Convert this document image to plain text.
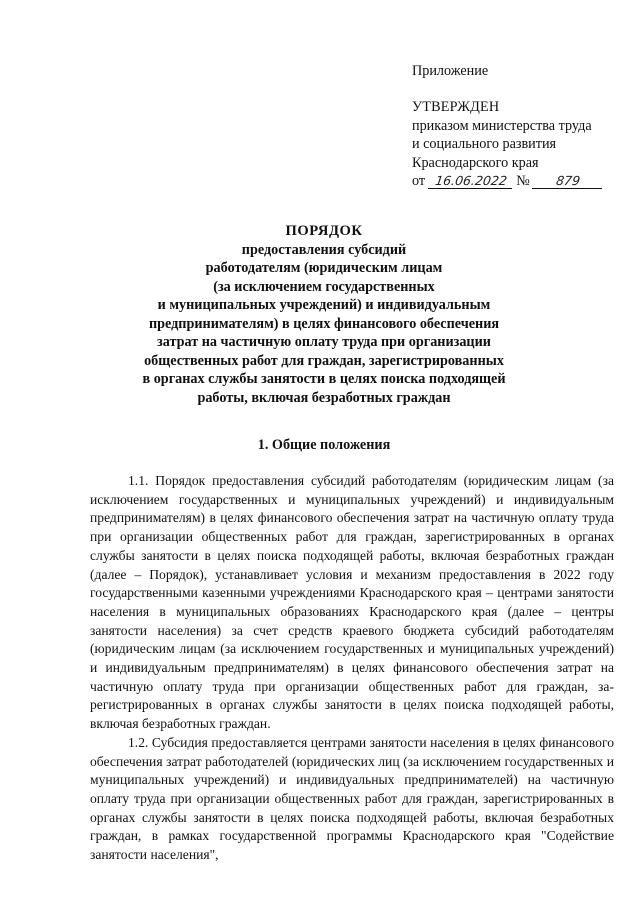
Приложение
УТВЕРЖДЕН
приказом министерства труда
и социального развития
Краснодарского края
от 16.06.2022 № 879
ПОРЯДОК
предоставления субсидий
работодателям (юридическим лицам
(за исключением государственных
и муниципальных учреждений) и индивидуальным
предпринимателям) в целях финансового обеспечения
затрат на частичную оплату труда при организации
общественных работ для граждан, зарегистрированных
в органах службы занятости в целях поиска подходящей
работы, включая безработных граждан
1. Общие положения

1.1. Порядок предоставления субсидий работодателям (юридическим лицам (за исключением государственных и муниципальных учреждений) и индивидуальным предпринимателям) в целях финансового обеспечения затрат на частичную оплату труда при организации общественных работ для граждан, зарегистрированных в органах службы занятости в целях поиска подходящей работы, включая безработных граждан (далее – Порядок), устанавливает условия и механизм предоставления в 2022 году государственными казенными учреждениями Краснодарского края – центрами занятости населения в муниципальных образованиях Краснодарского края (далее – центры занятости населения) за счет средств краевого бюджета субсидий работодателям (юридическим лицам (за исключением государственных и муниципальных учреждений) и индивидуальным предпринимателям) в целях финансового обеспечения затрат на частичную оплату труда при организации общественных работ для граждан, зарегистрированных в органах службы занятости в целях поиска подходящей работы, включая безработных граждан.

1.2. Субсидия предоставляется центрами занятости населения в целях финансового обеспечения затрат работодателей (юридических лиц (за исключением государственных и муниципальных учреждений) и индивидуальных предпринимателей) на частичную оплату труда при организации общественных работ для граждан, зарегистрированных в органах службы занятости в целях поиска подходящей работы, включая безработных граждан, в рамках государственной программы Краснодарского края "Содействие занятости населения",
